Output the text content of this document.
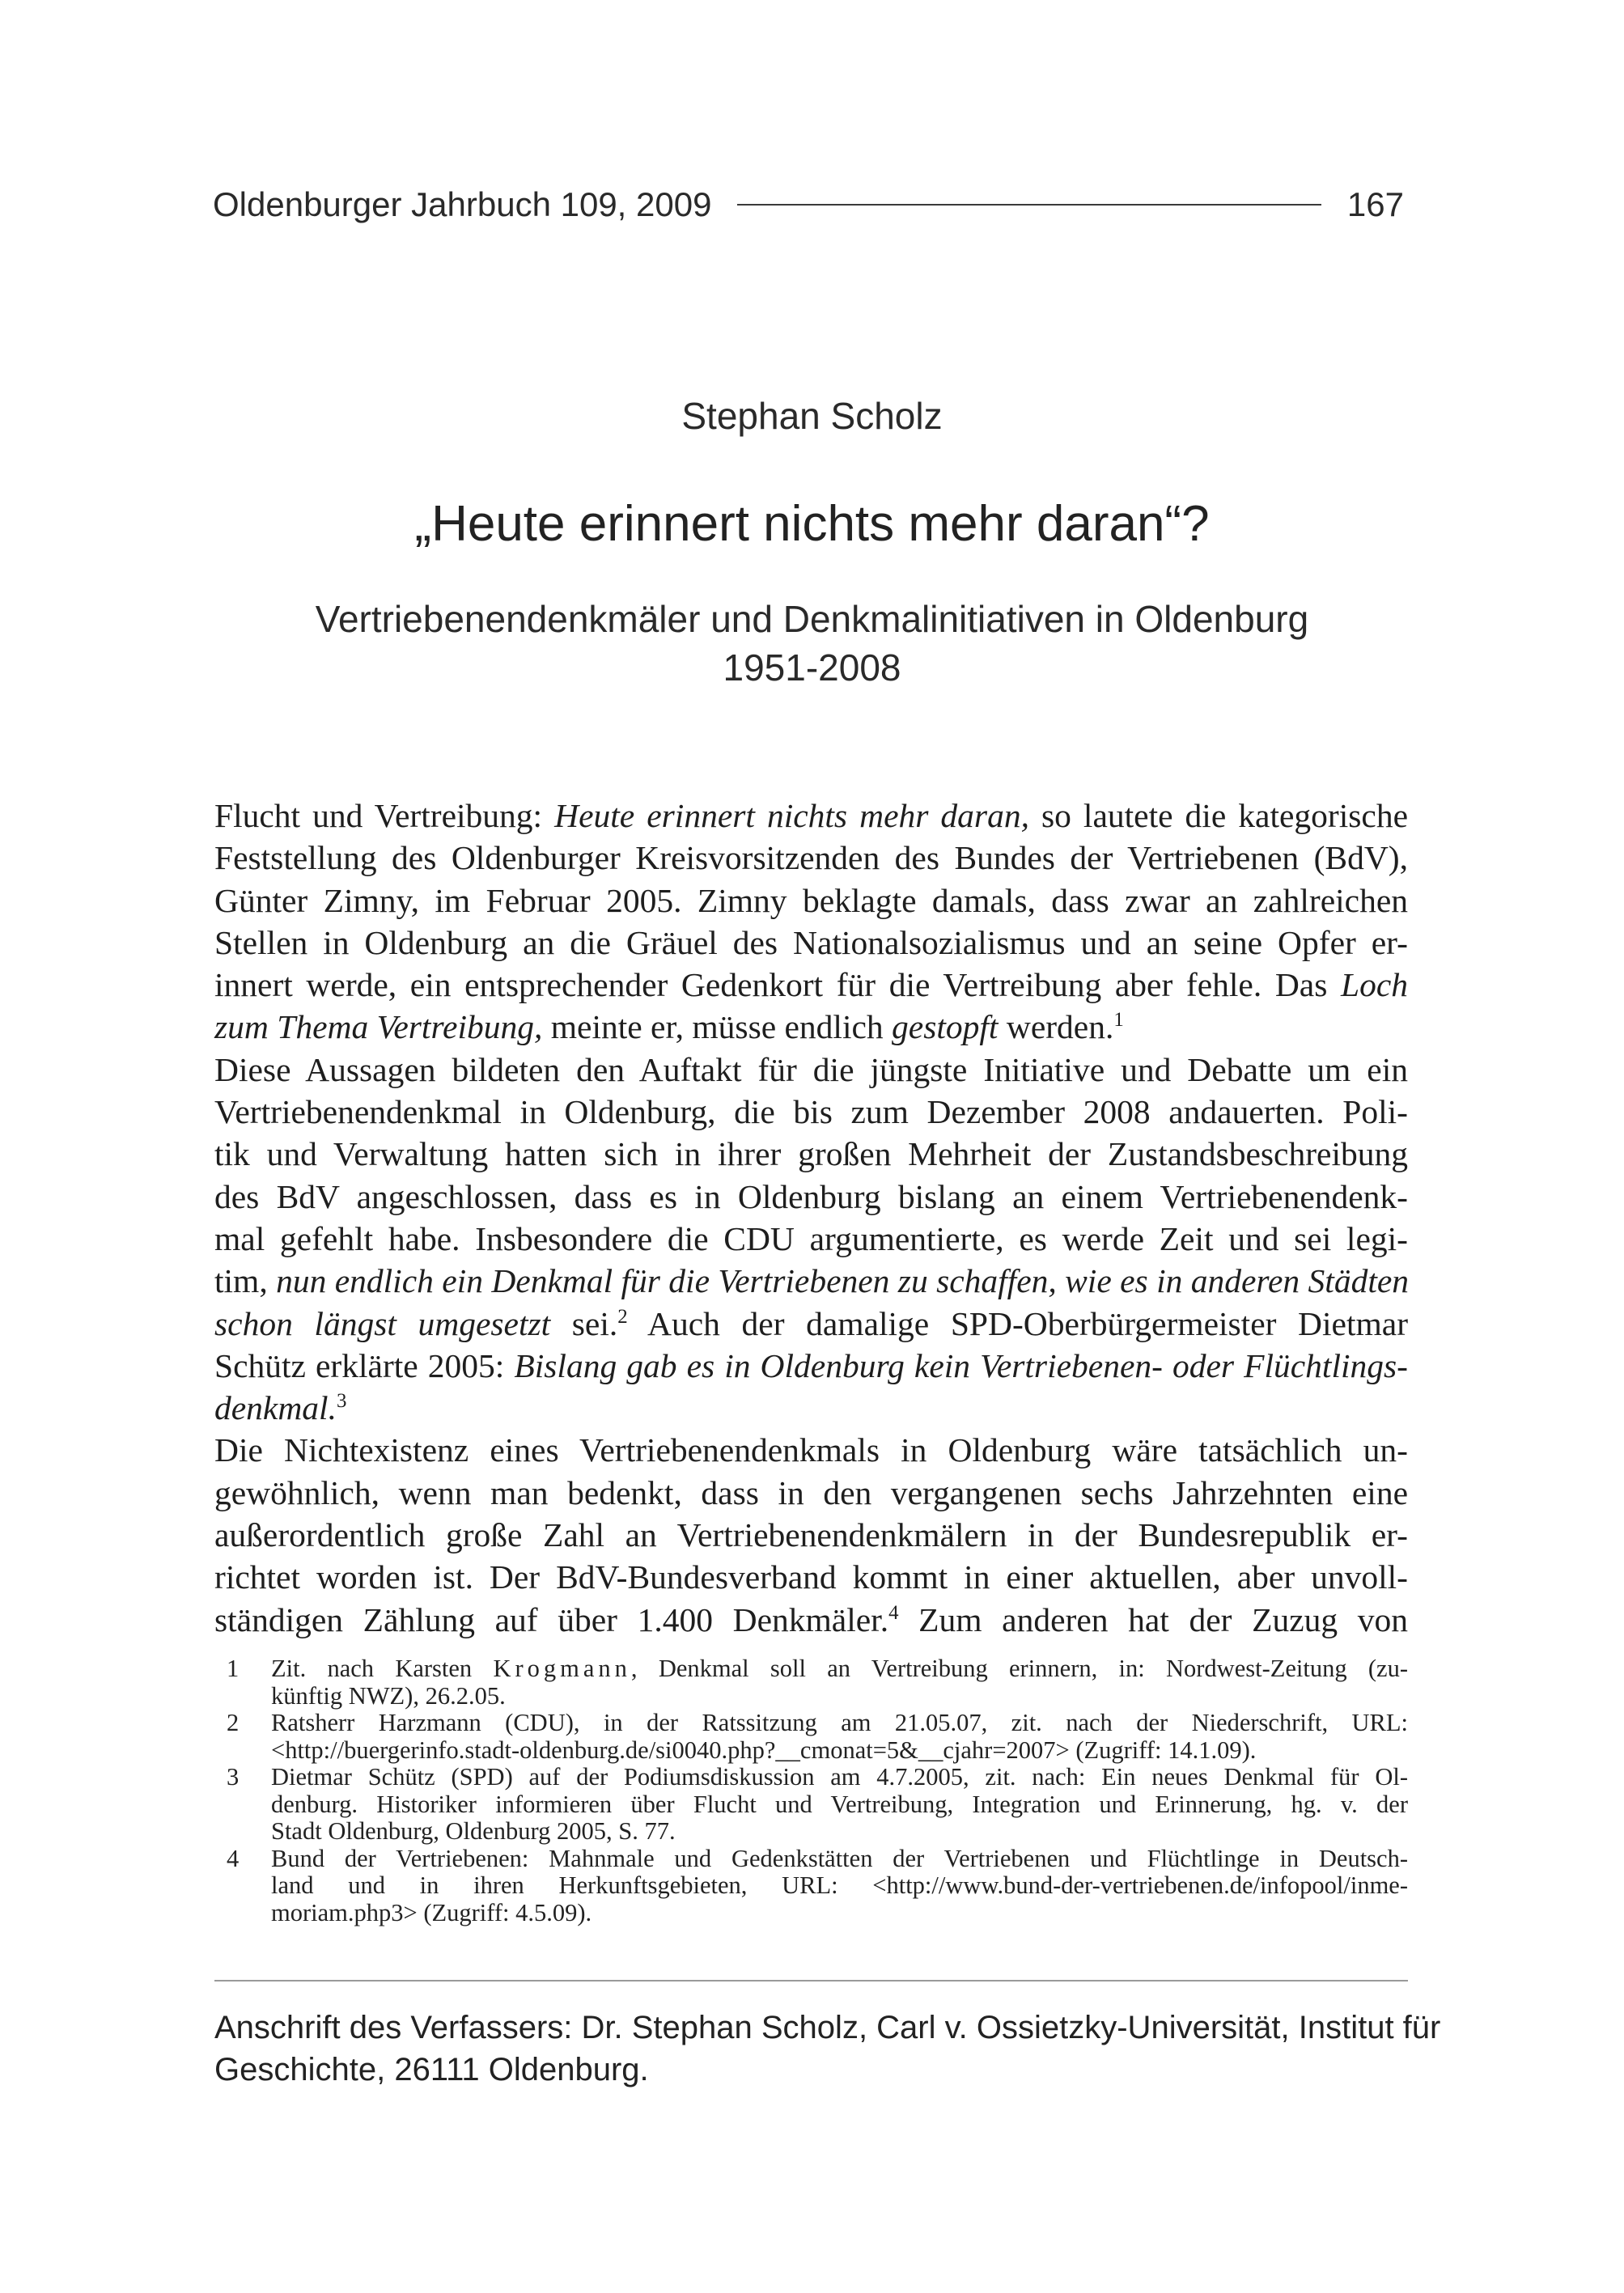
Oldenburger Jahrbuch 109, 2009	167
Stephan Scholz
„Heute erinnert nichts mehr daran“?
Vertriebenendenkmäler und Denkmalinitiativen in Oldenburg
1951-2008

Flucht und Vertreibung: Heute erinnert nichts mehr daran, so lautete die kategorische
Feststellung des Oldenburger Kreisvorsitzenden des Bundes der Vertriebenen (BdV),
Günter Zimny, im Februar 2005. Zimny beklagte damals, dass zwar an zahlreichen
Stellen in Oldenburg an die Gräuel des Nationalsozialismus und an seine Opfer er-
innert werde, ein entsprechender Gedenkort für die Vertreibung aber fehle. Das Loch
zum Thema Vertreibung, meinte er, müsse endlich gestopft werden.$^1$

Diese Aussagen bildeten den Auftakt für die jüngste Initiative und Debatte um ein
Vertriebenendenkmal in Oldenburg, die bis zum Dezember 2008 andauerten. Poli-
tik und Verwaltung hatten sich in ihrer großen Mehrheit der Zustandsbeschreibung
des BdV angeschlossen, dass es in Oldenburg bislang an einem Vertriebenendenk-
mal gefehlt habe. Insbesondere die CDU argumentierte, es werde Zeit und sei legi-
tim, nun endlich ein Denkmal für die Vertriebenen zu schaffen, wie es in anderen Städten
schon längst umgesetzt sei.$^2$ Auch der damalige SPD-Oberbürgermeister Dietmar
Schütz erklärte 2005: Bislang gab es in Oldenburg kein Vertriebenen- oder Flüchtlings-
denkmal.$^3$

Die Nichtexistenz eines Vertriebenendenkmals in Oldenburg wäre tatsächlich un-
gewöhnlich, wenn man bedenkt, dass in den vergangenen sechs Jahrzehnten eine
außerordentlich große Zahl an Vertriebenendenkmälern in der Bundesrepublik er-
richtet worden ist. Der BdV-Bundesverband kommt in einer aktuellen, aber unvoll-
ständigen Zählung auf über 1.400 Denkmäler.$^4$ Zum anderen hat der Zuzug von

1	Zit. nach Karsten Krogmann, Denkmal soll an Vertreibung erinnern, in: Nordwest-Zeitung (zu-
künftig NWZ), 26.2.05.
2	Ratsherr Harzmann (CDU), in der Ratssitzung am 21.05.07, zit. nach der Niederschrift, URL:
<http://buergerinfo.stadt-oldenburg.de/si0040.php?__cmonat=5&__cjahr=2007> (Zugriff: 14.1.09).
3	Dietmar Schütz (SPD) auf der Podiumsdiskussion am 4.7.2005, zit. nach: Ein neues Denkmal für Ol-
denburg. Historiker informieren über Flucht und Vertreibung, Integration und Erinnerung, hg. v. der
Stadt Oldenburg, Oldenburg 2005, S. 77.
4	Bund der Vertriebenen: Mahnmale und Gedenkstätten der Vertriebenen und Flüchtlinge in Deutsch-
land und in ihren Herkunftsgebieten, URL: <http://www.bund-der-vertriebenen.de/infopool/inme-
moriam.php3> (Zugriff: 4.5.09).
Anschrift des Verfassers: Dr. Stephan Scholz, Carl v. Ossietzky-Universität, Institut für
Geschichte, 26111 Oldenburg.
